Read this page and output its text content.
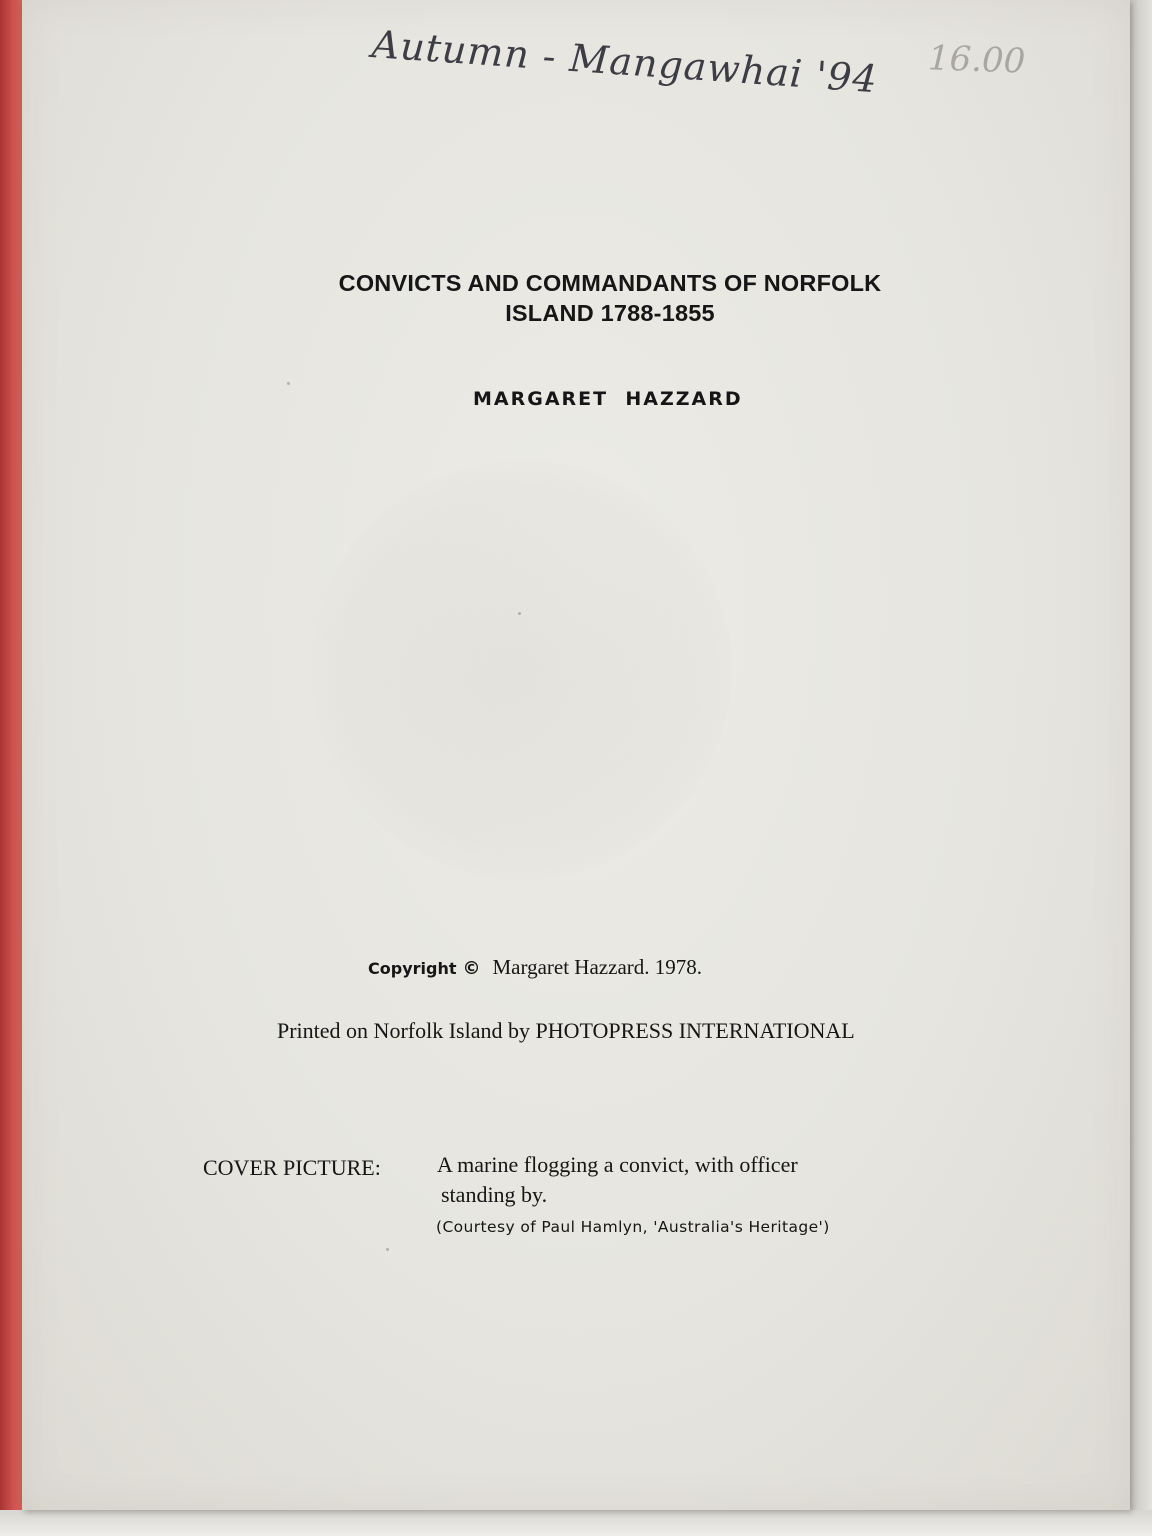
Autumn - Mangawhai '94 16.00
CONVICTS AND COMMANDANTS OF NORFOLK
ISLAND 1788-1855
MARGARET  HAZZARD
Copyright © Margaret Hazzard. 1978.
Printed on Norfolk Island by PHOTOPRESS INTERNATIONAL
COVER PICTURE:	A marine flogging a convict, with officer
standing by.
(Courtesy of Paul Hamlyn, 'Australia's Heritage')
